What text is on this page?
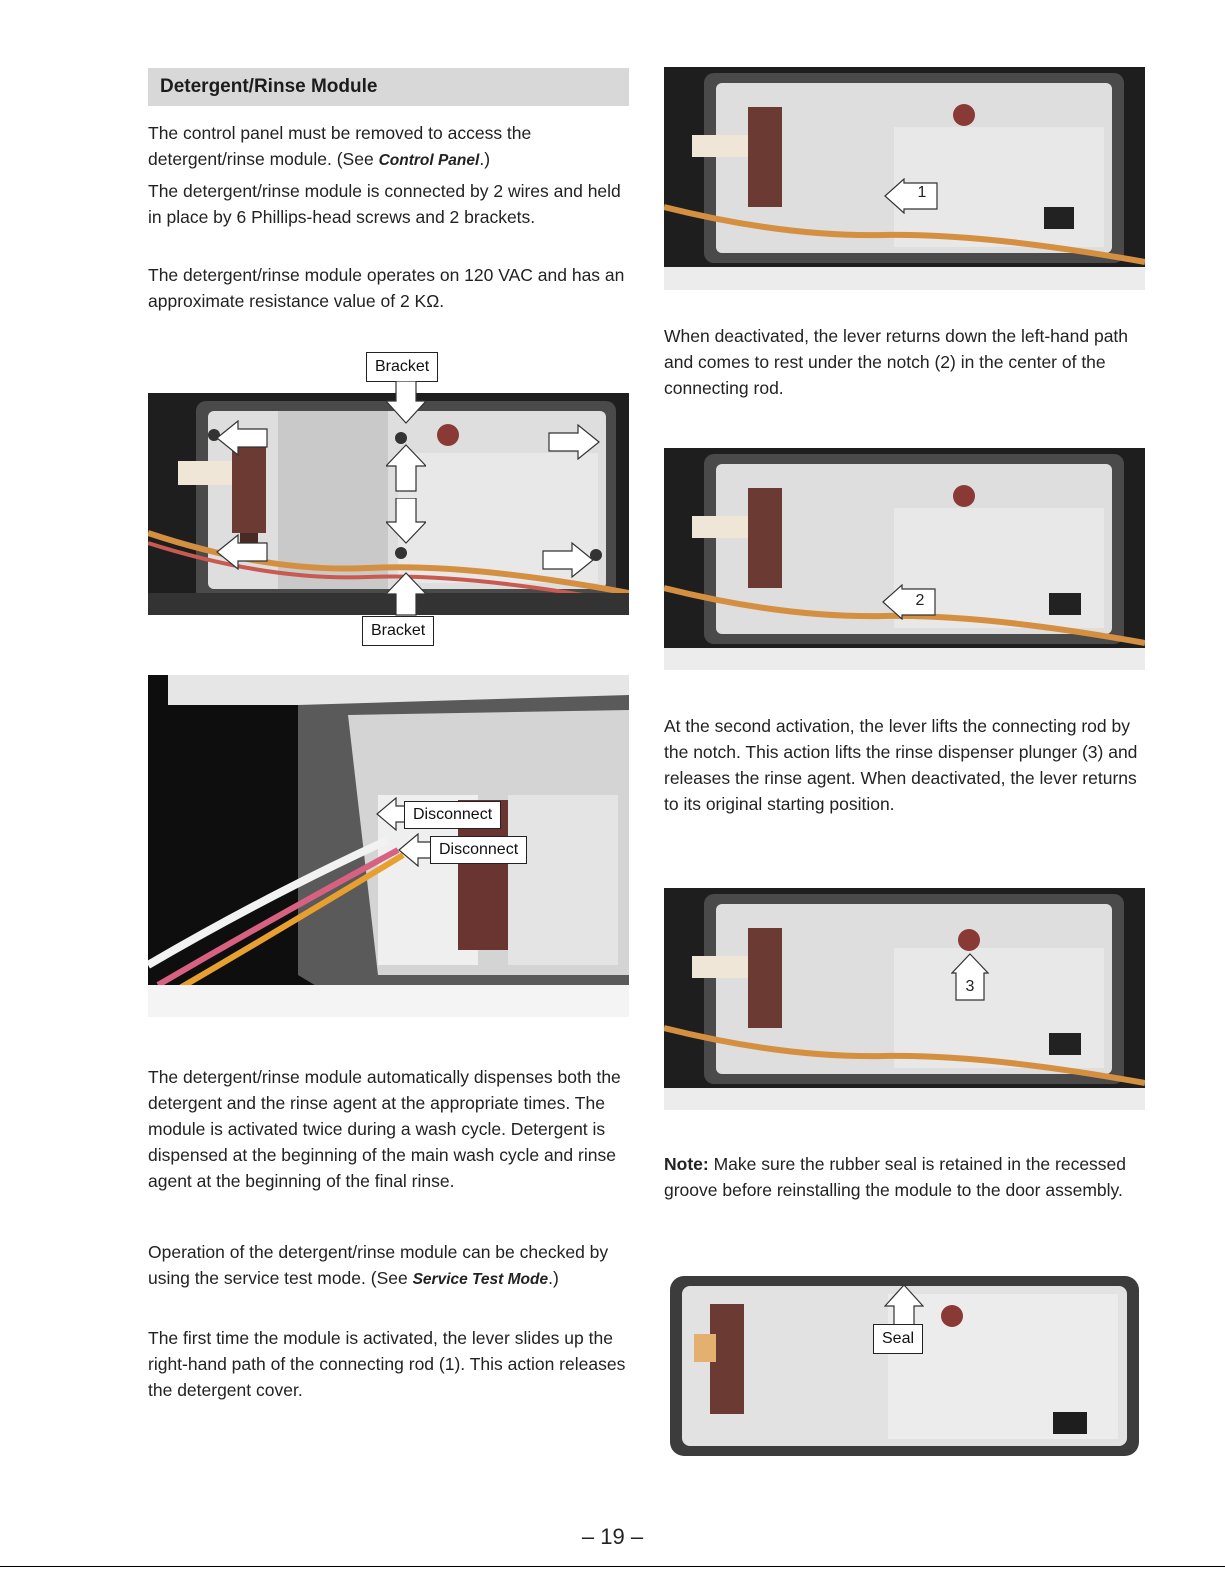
Detergent/Rinse Module

The control panel must be removed to access the detergent/rinse module. (See Control Panel.)

The detergent/rinse module is connected by 2 wires and held in place by 6 Phillips-head screws and 2 brackets.

The detergent/rinse module operates on 120 VAC and has an approximate resistance value of 2 KΩ.

Bracket
Bracket
Disconnect
Disconnect

The detergent/rinse module automatically dispenses both the detergent and the rinse agent at the appropriate times. The module is activated twice during a wash cycle. Detergent is dispensed at the beginning of the main wash cycle and rinse agent at the beginning of the final rinse.

Operation of the detergent/rinse module can be checked by using the service test mode. (See Service Test Mode.)

The first time the module is activated, the lever slides up the right-hand path of the connecting rod (1). This action releases the detergent cover.

1

When deactivated, the lever returns down the left-hand path and comes to rest under the notch (2) in the center of the connecting rod.

2

At the second activation, the lever lifts the connecting rod by the notch. This action lifts the rinse dispenser plunger (3) and releases the rinse agent. When deactivated, the lever returns to its original starting position.

3

Note: Make sure the rubber seal is retained in the recessed groove before reinstalling the module to the door assembly.

Seal
– 19 –
